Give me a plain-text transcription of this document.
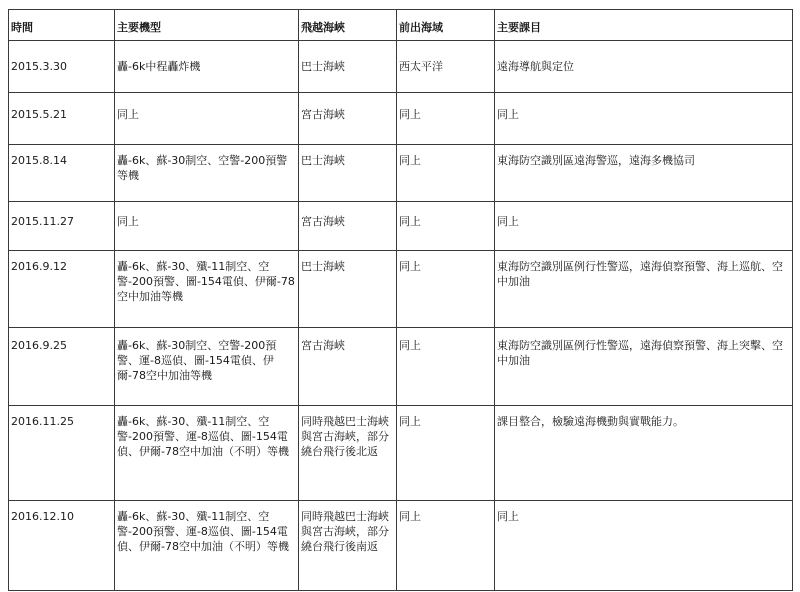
時間	主要機型	飛越海峽	前出海域	主要課目
2015.3.30	轟-6k中程轟炸機	巴士海峽	西太平洋	遠海導航與定位
2015.5.21	同上	宮古海峽	同上	同上
2015.8.14	轟-6k、蘇-30制空、空警-200預警等機	巴士海峽	同上	東海防空識別區遠海警巡，遠海多機協司
2015.11.27	同上	宮古海峽	同上	同上
2016.9.12	轟-6k、蘇-30、殲-11制空、空警-200預警、圖-154電偵、伊爾-78空中加油等機	巴士海峽	同上	東海防空識別區例行性警巡，遠海偵察預警、海上巡航、空中加油
2016.9.25	轟-6k、蘇-30制空、空警-200預警、運-8巡偵、圖-154電偵、伊爾-78空中加油等機	宮古海峽	同上	東海防空識別區例行性警巡，遠海偵察預警、海上突擊、空中加油
2016.11.25	轟-6k、蘇-30、殲-11制空、空警-200預警、運-8巡偵、圖-154電偵、伊爾-78空中加油（不明）等機	同時飛越巴士海峽與宮古海峽，部分繞台飛行後北返	同上	課目整合，檢驗遠海機動與實戰能力。
2016.12.10	轟-6k、蘇-30、殲-11制空、空警-200預警、運-8巡偵、圖-154電偵、伊爾-78空中加油（不明）等機	同時飛越巴士海峽與宮古海峽，部分繞台飛行後南返	同上	同上
